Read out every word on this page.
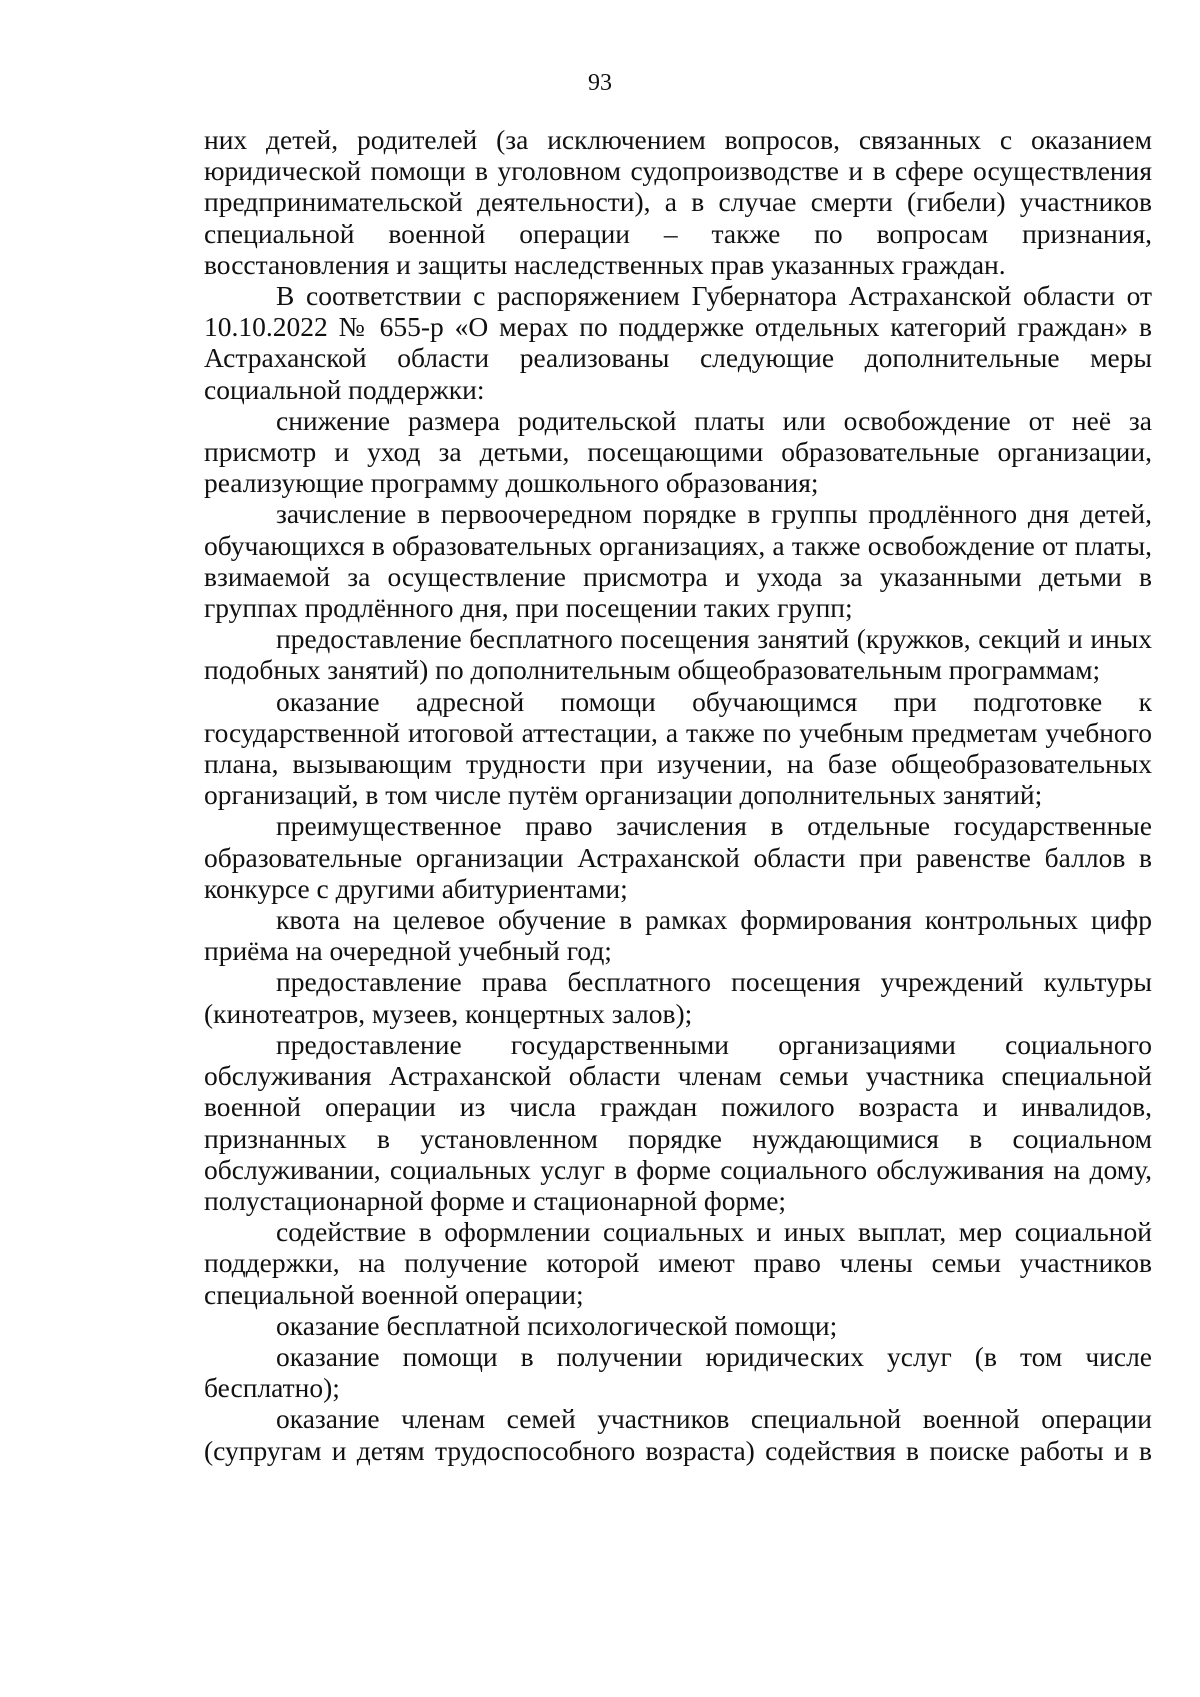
93

них детей, родителей (за исключением вопросов, связанных с оказанием юридической помощи в уголовном судопроизводстве и в сфере осуществления предпринимательской деятельности), а в случае смерти (гибели) участников специальной военной операции – также по вопросам признания, восстановления и защиты наследственных прав указанных граждан.

В соответствии с распоряжением Губернатора Астраханской области от 10.10.2022 № 655-р «О мерах по поддержке отдельных категорий граждан» в Астраханской области реализованы следующие дополнительные меры социальной поддержки:

снижение размера родительской платы или освобождение от неё за присмотр и уход за детьми, посещающими образовательные организации, реализующие программу дошкольного образования;

зачисление в первоочередном порядке в группы продлённого дня детей, обучающихся в образовательных организациях, а также освобождение от платы, взимаемой за осуществление присмотра и ухода за указанными детьми в группах продлённого дня, при посещении таких групп;

предоставление бесплатного посещения занятий (кружков, секций и иных подобных занятий) по дополнительным общеобразовательным программам;

оказание адресной помощи обучающимся при подготовке к государственной итоговой аттестации, а также по учебным предметам учебного плана, вызывающим трудности при изучении, на базе общеобразовательных организаций, в том числе путём организации дополнительных занятий;

преимущественное право зачисления в отдельные государственные образовательные организации Астраханской области при равенстве баллов в конкурсе с другими абитуриентами;

квота на целевое обучение в рамках формирования контрольных цифр приёма на очередной учебный год;

предоставление права бесплатного посещения учреждений культуры (кинотеатров, музеев, концертных залов);

предоставление государственными организациями социального обслуживания Астраханской области членам семьи участника специальной военной операции из числа граждан пожилого возраста и инвалидов, признанных в установленном порядке нуждающимися в социальном обслуживании, социальных услуг в форме социального обслуживания на дому, полустационарной форме и стационарной форме;

содействие в оформлении социальных и иных выплат, мер социальной поддержки, на получение которой имеют право члены семьи участников специальной военной операции;

оказание бесплатной психологической помощи;

оказание помощи в получении юридических услуг (в том числе бесплатно);

оказание членам семей участников специальной военной операции (супругам и детям трудоспособного возраста) содействия в поиске работы и в
